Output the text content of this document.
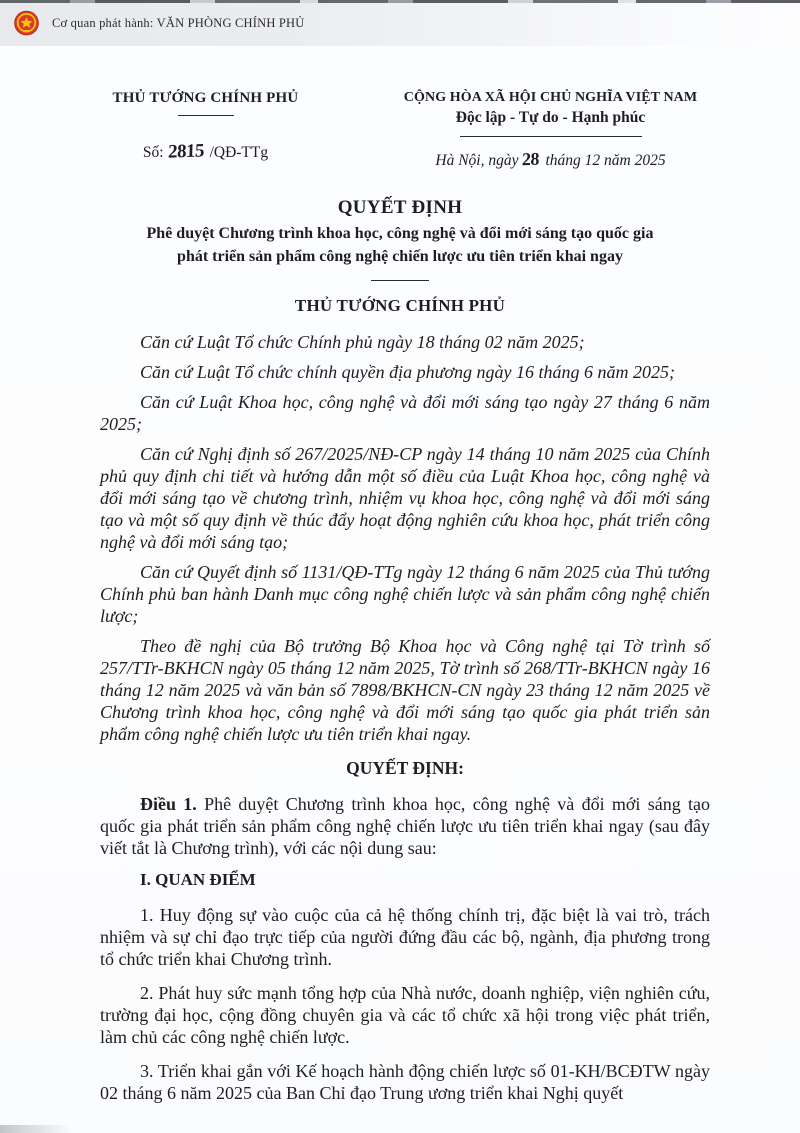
Cơ quan phát hành: VĂN PHÒNG CHÍNH PHỦ
THỦ TƯỚNG CHÍNH PHỦ
Số: 2815 /QĐ-TTg
CỘNG HÒA XÃ HỘI CHỦ NGHĨA VIỆT NAM
Độc lập - Tự do - Hạnh phúc
Hà Nội, ngày 28 tháng 12 năm 2025
QUYẾT ĐỊNH
Phê duyệt Chương trình khoa học, công nghệ và đổi mới sáng tạo quốc gia
phát triển sản phẩm công nghệ chiến lược ưu tiên triển khai ngay
THỦ TƯỚNG CHÍNH PHỦ

Căn cứ Luật Tổ chức Chính phủ ngày 18 tháng 02 năm 2025;

Căn cứ Luật Tổ chức chính quyền địa phương ngày 16 tháng 6 năm 2025;

Căn cứ Luật Khoa học, công nghệ và đổi mới sáng tạo ngày 27 tháng 6 năm 2025;

Căn cứ Nghị định số 267/2025/NĐ-CP ngày 14 tháng 10 năm 2025 của Chính phủ quy định chi tiết và hướng dẫn một số điều của Luật Khoa học, công nghệ và đổi mới sáng tạo về chương trình, nhiệm vụ khoa học, công nghệ và đổi mới sáng tạo và một số quy định về thúc đẩy hoạt động nghiên cứu khoa học, phát triển công nghệ và đổi mới sáng tạo;

Căn cứ Quyết định số 1131/QĐ-TTg ngày 12 tháng 6 năm 2025 của Thủ tướng Chính phủ ban hành Danh mục công nghệ chiến lược và sản phẩm công nghệ chiến lược;

Theo đề nghị của Bộ trưởng Bộ Khoa học và Công nghệ tại Tờ trình số 257/TTr-BKHCN ngày 05 tháng 12 năm 2025, Tờ trình số 268/TTr-BKHCN ngày 16 tháng 12 năm 2025 và văn bản số 7898/BKHCN-CN ngày 23 tháng 12 năm 2025 về Chương trình khoa học, công nghệ và đổi mới sáng tạo quốc gia phát triển sản phẩm công nghệ chiến lược ưu tiên triển khai ngay.

QUYẾT ĐỊNH:

Điều 1. Phê duyệt Chương trình khoa học, công nghệ và đổi mới sáng tạo quốc gia phát triển sản phẩm công nghệ chiến lược ưu tiên triển khai ngay (sau đây viết tắt là Chương trình), với các nội dung sau:

I. QUAN ĐIỂM

1. Huy động sự vào cuộc của cả hệ thống chính trị, đặc biệt là vai trò, trách nhiệm và sự chỉ đạo trực tiếp của người đứng đầu các bộ, ngành, địa phương trong tổ chức triển khai Chương trình.

2. Phát huy sức mạnh tổng hợp của Nhà nước, doanh nghiệp, viện nghiên cứu, trường đại học, cộng đồng chuyên gia và các tổ chức xã hội trong việc phát triển, làm chủ các công nghệ chiến lược.

3. Triển khai gắn với Kế hoạch hành động chiến lược số 01-KH/BCĐTW ngày 02 tháng 6 năm 2025 của Ban Chỉ đạo Trung ương triển khai Nghị quyết
